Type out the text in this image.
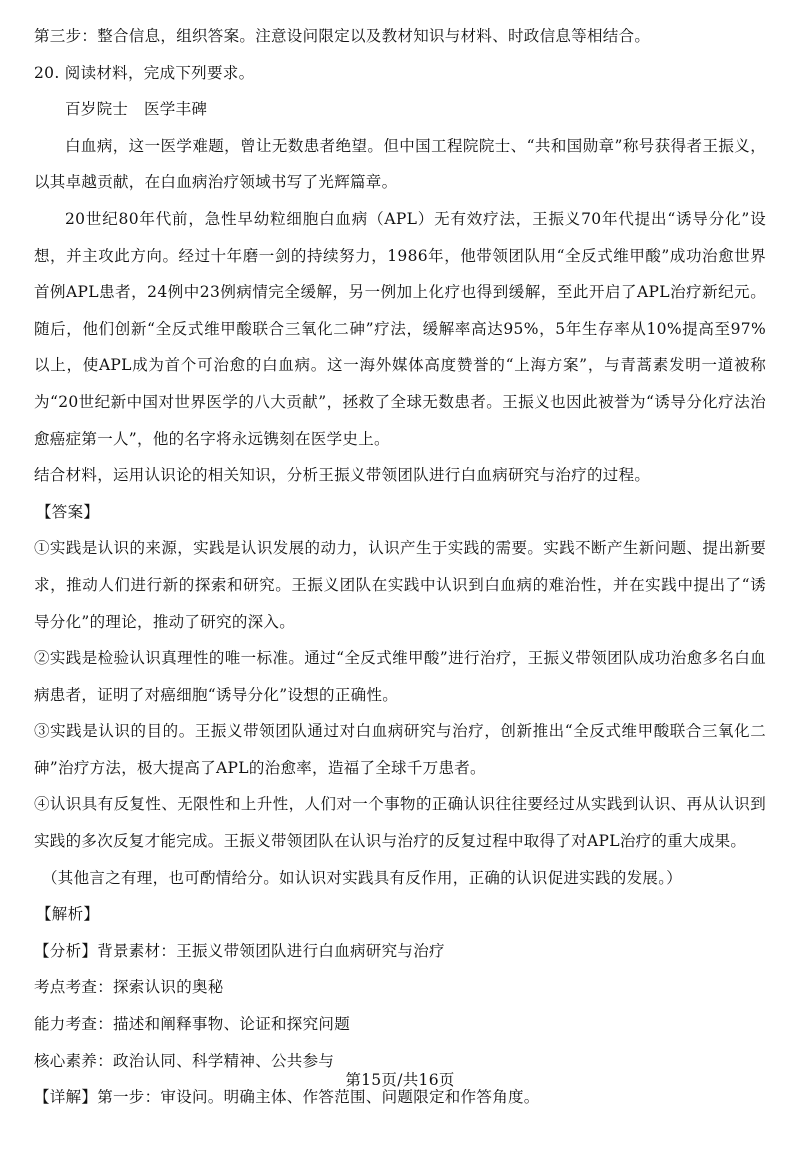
第三步：整合信息，组织答案。注意设问限定以及教材知识与材料、时政信息等相结合。
20. 阅读材料，完成下列要求。
百岁院士　医学丰碑
白血病，这一医学难题，曾让无数患者绝望。但中国工程院院士、“共和国勋章”称号获得者王振义，以其卓越贡献，在白血病治疗领域书写了光辉篇章。
20世纪80年代前，急性早幼粒细胞白血病（APL）无有效疗法，王振义70年代提出“诱导分化”设想，并主攻此方向。经过十年磨一剑的持续努力，1986年，他带领团队用“全反式维甲酸”成功治愈世界首例APL患者，24例中23例病情完全缓解，另一例加上化疗也得到缓解，至此开启了APL治疗新纪元。随后，他们创新“全反式维甲酸联合三氧化二砷”疗法，缓解率高达95%，5年生存率从10%提高至97%以上，使APL成为首个可治愈的白血病。这一海外媒体高度赞誉的“上海方案”，与青蒿素发明一道被称为“20世纪新中国对世界医学的八大贡献”，拯救了全球无数患者。王振义也因此被誉为“诱导分化疗法治愈癌症第一人”，他的名字将永远镌刻在医学史上。
结合材料，运用认识论的相关知识，分析王振义带领团队进行白血病研究与治疗的过程。
【答案】
①实践是认识的来源，实践是认识发展的动力，认识产生于实践的需要。实践不断产生新问题、提出新要求，推动人们进行新的探索和研究。王振义团队在实践中认识到白血病的难治性，并在实践中提出了“诱导分化”的理论，推动了研究的深入。
②实践是检验认识真理性的唯一标准。通过“全反式维甲酸”进行治疗，王振义带领团队成功治愈多名白血病患者，证明了对癌细胞“诱导分化”设想的正确性。
③实践是认识的目的。王振义带领团队通过对白血病研究与治疗，创新推出“全反式维甲酸联合三氧化二砷”治疗方法，极大提高了APL的治愈率，造福了全球千万患者。
④认识具有反复性、无限性和上升性，人们对一个事物的正确认识往往要经过从实践到认识、再从认识到实践的多次反复才能完成。王振义带领团队在认识与治疗的反复过程中取得了对APL治疗的重大成果。
（其他言之有理，也可酌情给分。如认识对实践具有反作用，正确的认识促进实践的发展。）
【解析】
【分析】背景素材：王振义带领团队进行白血病研究与治疗
考点考查：探索认识的奥秘
能力考查：描述和阐释事物、论证和探究问题
核心素养：政治认同、科学精神、公共参与
【详解】第一步：审设问。明确主体、作答范围、问题限定和作答角度。
第15页/共16页
